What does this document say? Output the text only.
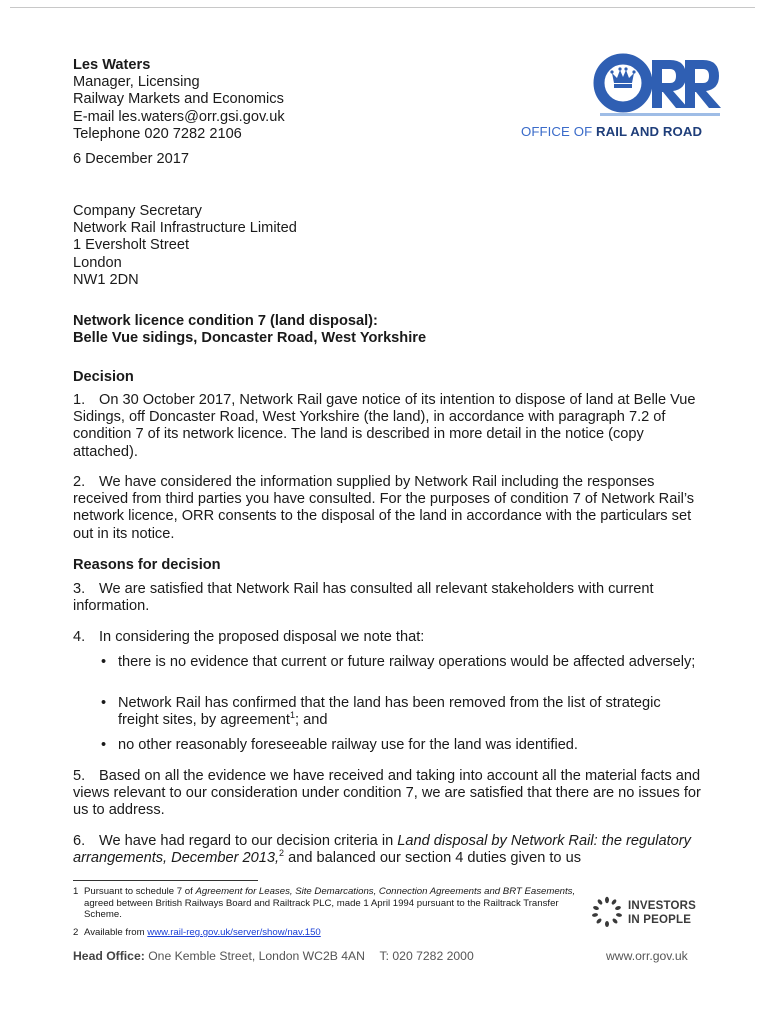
Les Waters
Manager, Licensing
Railway Markets and Economics
E-mail les.waters@orr.gsi.gov.uk
Telephone 020 7282 2106	OFFICE OF RAIL AND ROAD
6 December 2017
Company Secretary
Network Rail Infrastructure Limited
1 Eversholt Street
London
NW1 2DN
Network licence condition 7 (land disposal):
Belle Vue sidings, Doncaster Road, West Yorkshire
Decision
1. On 30 October 2017, Network Rail gave notice of its intention to dispose of land at Belle Vue Sidings, off Doncaster Road, West Yorkshire (the land), in accordance with paragraph 7.2 of condition 7 of its network licence. The land is described in more detail in the notice (copy attached).
2. We have considered the information supplied by Network Rail including the responses received from third parties you have consulted. For the purposes of condition 7 of Network Rail’s network licence, ORR consents to the disposal of the land in accordance with the particulars set out in its notice.
Reasons for decision
3. We are satisfied that Network Rail has consulted all relevant stakeholders with current information.
4. In considering the proposed disposal we note that:
• there is no evidence that current or future railway operations would be affected adversely;
• Network Rail has confirmed that the land has been removed from the list of strategic freight sites, by agreement$^1$; and
• no other reasonably foreseeable railway use for the land was identified.
5. Based on all the evidence we have received and taking into account all the material facts and views relevant to our consideration under condition 7, we are satisfied that there are no issues for us to address.
6. We have had regard to our decision criteria in Land disposal by Network Rail: the regulatory arrangements, December 2013,$^2$ and balanced our section 4 duties given to us
1 Pursuant to schedule 7 of Agreement for Leases, Site Demarcations, Connection Agreements and BRT Easements, agreed between British Railways Board and Railtrack PLC, made 1 April 1994 pursuant to the Railtrack Transfer Scheme.
2 Available from www.rail-reg.gov.uk/server/show/nav.150
INVESTORS
IN PEOPLE
Head Office: One Kemble Street, London WC2B 4AN T: 020 7282 2000	www.orr.gov.uk
